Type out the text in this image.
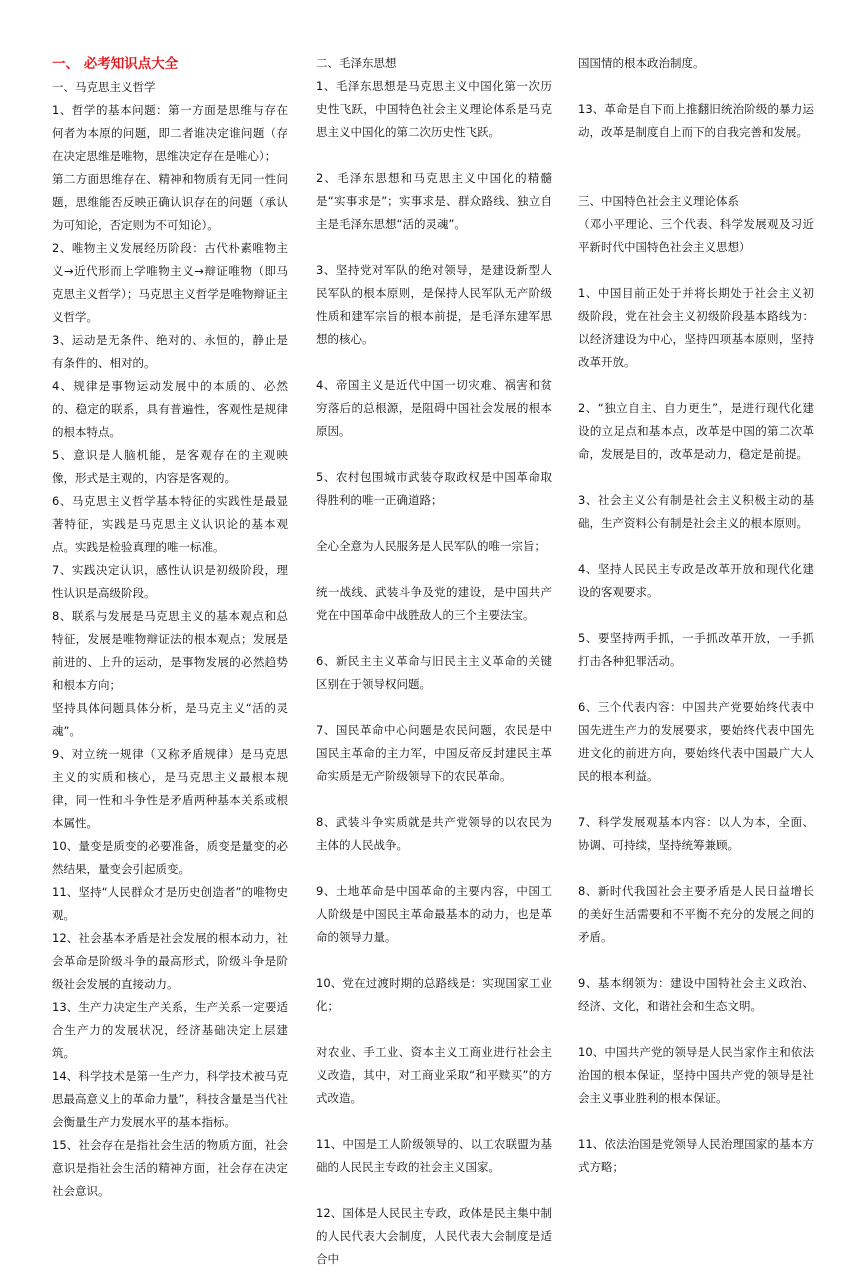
一、 必考知识点大全

一、马克思主义哲学

1、哲学的基本问题：第一方面是思维与存在何者为本原的问题，即二者谁决定谁问题（存在决定思维是唯物，思维决定存在是唯心）；

第二方面思维存在、精神和物质有无同一性问题，思维能否反映正确认识存在的问题（承认为可知论，否定则为不可知论）。

2、唯物主义发展经历阶段：古代朴素唯物主义→近代形而上学唯物主义→辩证唯物（即马克思主义哲学）；马克思主义哲学是唯物辩证主义哲学。

3、运动是无条件、绝对的、永恒的，静止是有条件的、相对的。

4、规律是事物运动发展中的本质的、必然的、稳定的联系，具有普遍性，客观性是规律的根本特点。

5、意识是人脑机能，是客观存在的主观映像，形式是主观的，内容是客观的。

6、马克思主义哲学基本特征的实践性是最显著特征，实践是马克思主义认识论的基本观点。实践是检验真理的唯一标准。

7、实践决定认识，感性认识是初级阶段，理性认识是高级阶段。

8、联系与发展是马克思主义的基本观点和总特征，发展是唯物辩证法的根本观点；发展是前进的、上升的运动，是事物发展的必然趋势和根本方向；

坚持具体问题具体分析，是马克主义“活的灵魂”。

9、对立统一规律（又称矛盾规律）是马克思主义的实质和核心，是马克思主义最根本规律，同一性和斗争性是矛盾两种基本关系或根本属性。

10、量变是质变的必要准备，质变是量变的必然结果，量变会引起质变。

11、坚持“人民群众才是历史创造者”的唯物史观。

12、社会基本矛盾是社会发展的根本动力，社会革命是阶级斗争的最高形式，阶级斗争是阶级社会发展的直接动力。

13、生产力决定生产关系，生产关系一定要适合生产力的发展状况，经济基础决定上层建筑。

14、科学技术是第一生产力，科学技术被马克思最高意义上的革命力量”，科技含量是当代社会衡量生产力发展水平的基本指标。

15、社会存在是指社会生活的物质方面，社会意识是指社会生活的精神方面，社会存在决定社会意识。

二、毛泽东思想

1、毛泽东思想是马克思主义中国化第一次历史性飞跃，中国特色社会主义理论体系是马克思主义中国化的第二次历史性飞跃。

2、毛泽东思想和马克思主义中国化的精髓是“实事求是”；实事求是、群众路线、独立自主是毛泽东思想“活的灵魂”。

3、坚持党对军队的绝对领导，是建设新型人民军队的根本原则，是保持人民军队无产阶级性质和建军宗旨的根本前提，是毛泽东建军思想的核心。

4、帝国主义是近代中国一切灾难、祸害和贫穷落后的总根源，是阻碍中国社会发展的根本原因。

5、农村包围城市武装夺取政权是中国革命取得胜利的唯一正确道路；

全心全意为人民服务是人民军队的唯一宗旨；

统一战线、武装斗争及党的建设，是中国共产党在中国革命中战胜敌人的三个主要法宝。

6、新民主主义革命与旧民主主义革命的关键区别在于领导权问题。

7、国民革命中心问题是农民问题，农民是中国民主革命的主力军，中国反帝反封建民主革命实质是无产阶级领导下的农民革命。

8、武装斗争实质就是共产党领导的以农民为主体的人民战争。

9、土地革命是中国革命的主要内容，中国工人阶级是中国民主革命最基本的动力，也是革命的领导力量。

10、党在过渡时期的总路线是：实现国家工业化；

对农业、手工业、资本主义工商业进行社会主义改造，其中，对工商业采取“和平赎买”的方式改造。

11、中国是工人阶级领导的、以工农联盟为基础的人民民主专政的社会主义国家。

12、国体是人民民主专政，政体是民主集中制的人民代表大会制度，人民代表大会制度是适合中

国国情的根本政治制度。

13、革命是自下而上推翻旧统治阶级的暴力运动，改革是制度自上而下的自我完善和发展。

三、中国特色社会主义理论体系

（邓小平理论、三个代表、科学发展观及习近平新时代中国特色社会主义思想）

1、中国目前正处于并将长期处于社会主义初级阶段，党在社会主义初级阶段基本路线为：以经济建设为中心，坚持四项基本原则，坚持改革开放。

2、“独立自主、自力更生”，是进行现代化建设的立足点和基本点，改革是中国的第二次革命，发展是目的，改革是动力，稳定是前提。

3、社会主义公有制是社会主义积极主动的基础，生产资料公有制是社会主义的根本原则。

4、坚持人民民主专政是改革开放和现代化建设的客观要求。

5、要坚持两手抓，一手抓改革开放，一手抓打击各种犯罪活动。

6、三个代表内容：中国共产党要始终代表中国先进生产力的发展要求，要始终代表中国先进文化的前进方向，要始终代表中国最广大人民的根本利益。

7、科学发展观基本内容：以人为本，全面、协调、可持续，坚持统筹兼顾。

8、新时代我国社会主要矛盾是人民日益增长的美好生活需要和不平衡不充分的发展之间的矛盾。

9、基本纲领为：建设中国特社会主义政治、经济、文化，和谐社会和生态文明。

10、中国共产党的领导是人民当家作主和依法治国的根本保证，坚持中国共产党的领导是社会主义事业胜利的根本保证。

11、依法治国是党领导人民治理国家的基本方式方略；
